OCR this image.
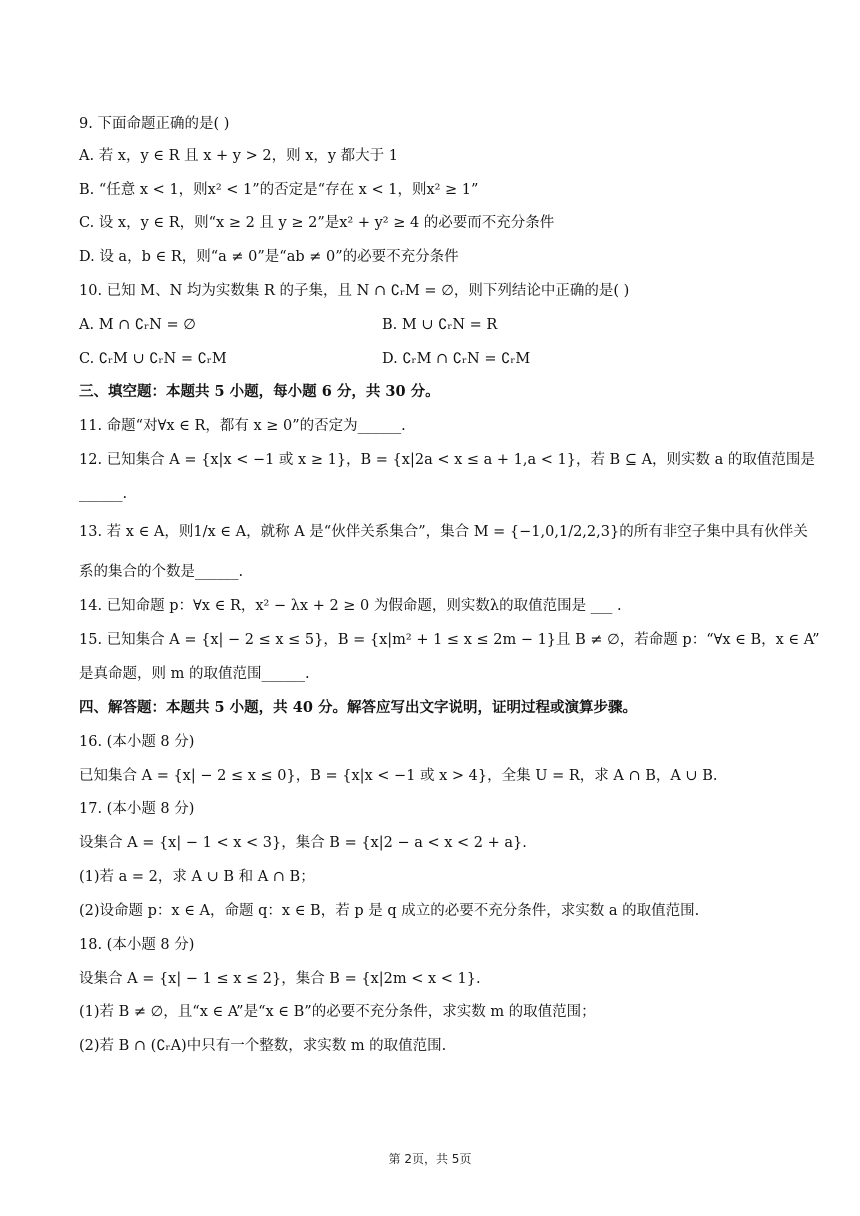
9. 下面命题正确的是( )
A. 若 x，y ∈ R 且 x + y > 2，则 x，y 都大于 1
B. “任意 x < 1，则x² < 1”的否定是“存在 x < 1，则x² ≥ 1”
C. 设 x，y ∈ R，则“x ≥ 2 且 y ≥ 2”是x² + y² ≥ 4 的必要而不充分条件
D. 设 a，b ∈ R，则“a ≠ 0”是“ab ≠ 0”的必要不充分条件
10. 已知 M、N 均为实数集 R 的子集，且 N ∩ ∁ᵣM = ∅，则下列结论中正确的是( )
A. M ∩ ∁ᵣN = ∅	B. M ∪ ∁ᵣN = R
C. ∁ᵣM ∪ ∁ᵣN = ∁ᵣM	D. ∁ᵣM ∩ ∁ᵣN = ∁ᵣM
三、填空题：本题共 5 小题，每小题 6 分，共 30 分。
11. 命题“对∀x ∈ R，都有 x ≥ 0”的否定为______.
12. 已知集合 A = {x|x < −1 或 x ≥ 1}，B = {x|2a < x ≤ a + 1,a < 1}，若 B ⊆ A，则实数 a 的取值范围是
______.
13. 若 x ∈ A，则1/x ∈ A，就称 A 是“伙伴关系集合”，集合 M = {−1,0,1/2,2,3}的所有非空子集中具有伙伴关
系的集合的个数是______.
14. 已知命题 p：∀x ∈ R，x² − λx + 2 ≥ 0 为假命题，则实数λ的取值范围是 ___ .
15. 已知集合 A = {x| − 2 ≤ x ≤ 5}，B = {x|m² + 1 ≤ x ≤ 2m − 1}且 B ≠ ∅，若命题 p：“∀x ∈ B，x ∈ A”
是真命题，则 m 的取值范围______.
四、解答题：本题共 5 小题，共 40 分。解答应写出文字说明，证明过程或演算步骤。
16. (本小题 8 分)
已知集合 A = {x| − 2 ≤ x ≤ 0}，B = {x|x < −1 或 x > 4}，全集 U = R，求 A ∩ B，A ∪ B.
17. (本小题 8 分)
设集合 A = {x| − 1 < x < 3}，集合 B = {x|2 − a < x < 2 + a}.
(1)若 a = 2，求 A ∪ B 和 A ∩ B；
(2)设命题 p：x ∈ A，命题 q：x ∈ B，若 p 是 q 成立的必要不充分条件，求实数 a 的取值范围.
18. (本小题 8 分)
设集合 A = {x| − 1 ≤ x ≤ 2}，集合 B = {x|2m < x < 1}.
(1)若 B ≠ ∅，且“x ∈ A”是“x ∈ B”的必要不充分条件，求实数 m 的取值范围；
(2)若 B ∩ (∁ᵣA)中只有一个整数，求实数 m 的取值范围.
第 2页，共 5页
